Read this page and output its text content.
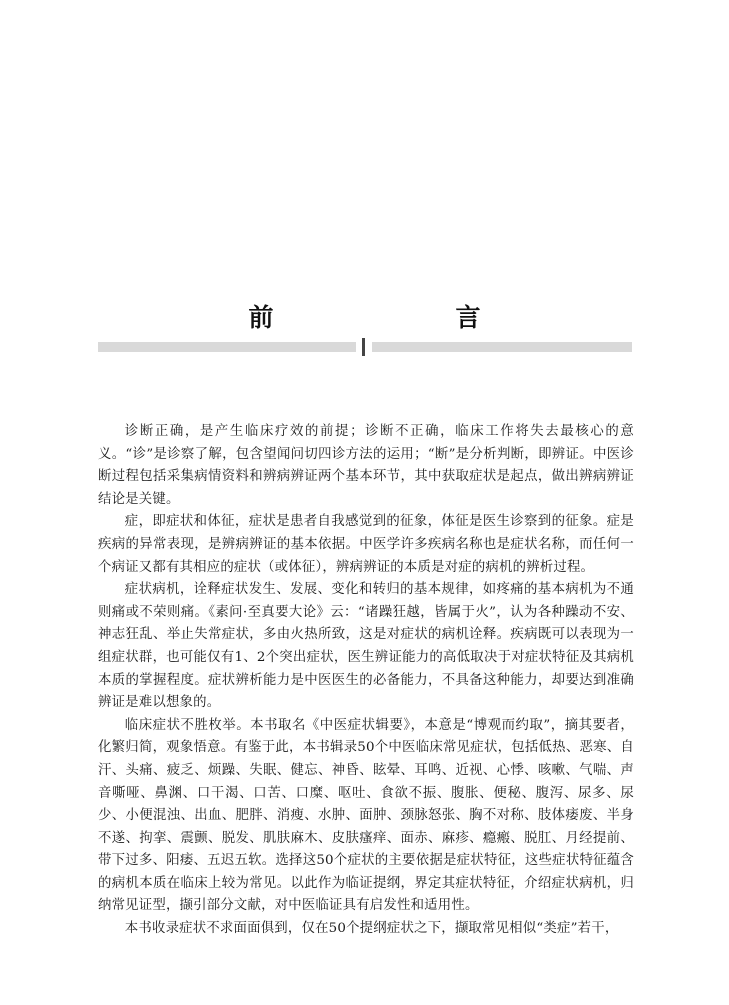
前　　言

诊断正确，是产生临床疗效的前提；诊断不正确，临床工作将失去最核心的意义。“诊”是诊察了解，包含望闻问切四诊方法的运用；“断”是分析判断，即辨证。中医诊断过程包括采集病情资料和辨病辨证两个基本环节，其中获取症状是起点，做出辨病辨证结论是关键。

症，即症状和体征，症状是患者自我感觉到的征象，体征是医生诊察到的征象。症是疾病的异常表现，是辨病辨证的基本依据。中医学许多疾病名称也是症状名称，而任何一个病证又都有其相应的症状（或体征），辨病辨证的本质是对症的病机的辨析过程。

症状病机，诠释症状发生、发展、变化和转归的基本规律，如疼痛的基本病机为不通则痛或不荣则痛。《素问·至真要大论》云：“诸躁狂越，皆属于火”，认为各种躁动不安、神志狂乱、举止失常症状，多由火热所致，这是对症状的病机诠释。疾病既可以表现为一组症状群，也可能仅有1、2个突出症状，医生辨证能力的高低取决于对症状特征及其病机本质的掌握程度。症状辨析能力是中医医生的必备能力，不具备这种能力，却要达到准确辨证是难以想象的。

临床症状不胜枚举。本书取名《中医症状辑要》，本意是“博观而约取”，摘其要者，化繁归简，观象悟意。有鉴于此，本书辑录50个中医临床常见症状，包括低热、恶寒、自汗、头痛、疲乏、烦躁、失眠、健忘、神昏、眩晕、耳鸣、近视、心悸、咳嗽、气喘、声音嘶哑、鼻渊、口干渴、口苦、口糜、呕吐、食欲不振、腹胀、便秘、腹泻、尿多、尿少、小便混浊、出血、肥胖、消瘦、水肿、面肿、颈脉怒张、胸不对称、肢体痿废、半身不遂、拘挛、震颤、脱发、肌肤麻木、皮肤瘙痒、面赤、麻疹、瘾瘢、脱肛、月经提前、带下过多、阳痿、五迟五软。选择这50个症状的主要依据是症状特征，这些症状特征蕴含的病机本质在临床上较为常见。以此作为临证提纲，界定其症状特征，介绍症状病机，归纳常见证型，撷引部分文献，对中医临证具有启发性和适用性。

本书收录症状不求面面俱到，仅在50个提纲症状之下，撷取常见相似“类症”若干，
